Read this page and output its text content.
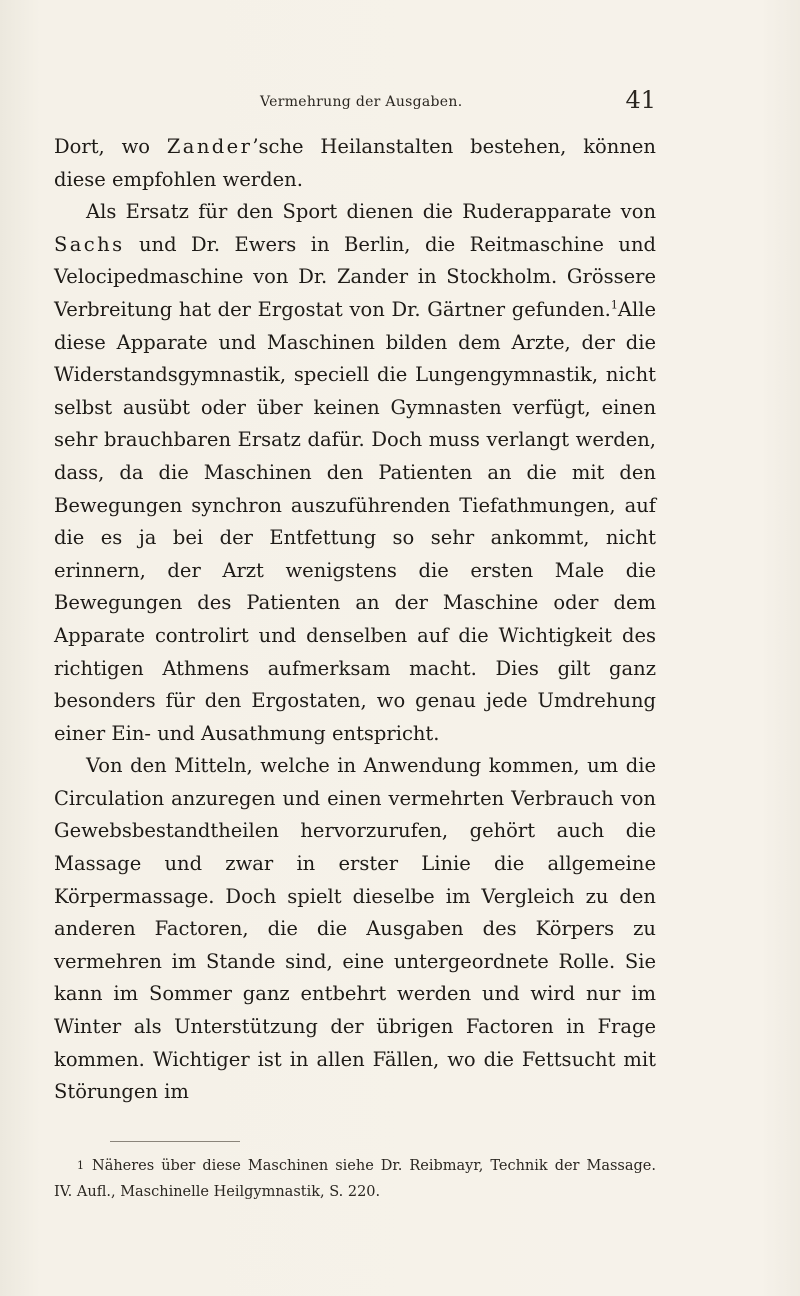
Vermehrung der Ausgaben.	41

Dort, wo Zander’sche Heilanstalten bestehen, können diese empfohlen werden.

Als Ersatz für den Sport dienen die Ruderapparate von Sachs und Dr. Ewers in Berlin, die Reitmaschine und Velocipedmaschine von Dr. Zander in Stockholm. Grössere Verbreitung hat der Ergostat von Dr. Gärtner gefunden.$^1$Alle diese Apparate und Maschinen bilden dem Arzte, der die Widerstandsgymnastik, speciell die Lungengymnastik, nicht selbst ausübt oder über keinen Gymnasten verfügt, einen sehr brauchbaren Ersatz dafür. Doch muss verlangt werden, dass, da die Maschinen den Patienten an die mit den Bewegungen synchron auszuführenden Tiefathmungen, auf die es ja bei der Entfettung so sehr ankommt, nicht erinnern, der Arzt wenigstens die ersten Male die Bewegungen des Patienten an der Maschine oder dem Apparate controlirt und denselben auf die Wichtigkeit des richtigen Athmens aufmerksam macht. Dies gilt ganz besonders für den Ergostaten, wo genau jede Umdrehung einer Ein- und Ausathmung entspricht.

Von den Mitteln, welche in Anwendung kommen, um die Circulation anzuregen und einen vermehrten Verbrauch von Gewebsbestandtheilen hervorzurufen, gehört auch die Massage und zwar in erster Linie die allgemeine Körpermassage. Doch spielt dieselbe im Vergleich zu den anderen Factoren, die die Ausgaben des Körpers zu vermehren im Stande sind, eine untergeordnete Rolle. Sie kann im Sommer ganz entbehrt werden und wird nur im Winter als Unterstützung der übrigen Factoren in Frage kommen. Wichtiger ist in allen Fällen, wo die Fettsucht mit Störungen im

1 Näheres über diese Maschinen siehe Dr. Reibmayr, Technik der Massage. IV. Aufl., Maschinelle Heilgymnastik, S. 220.
